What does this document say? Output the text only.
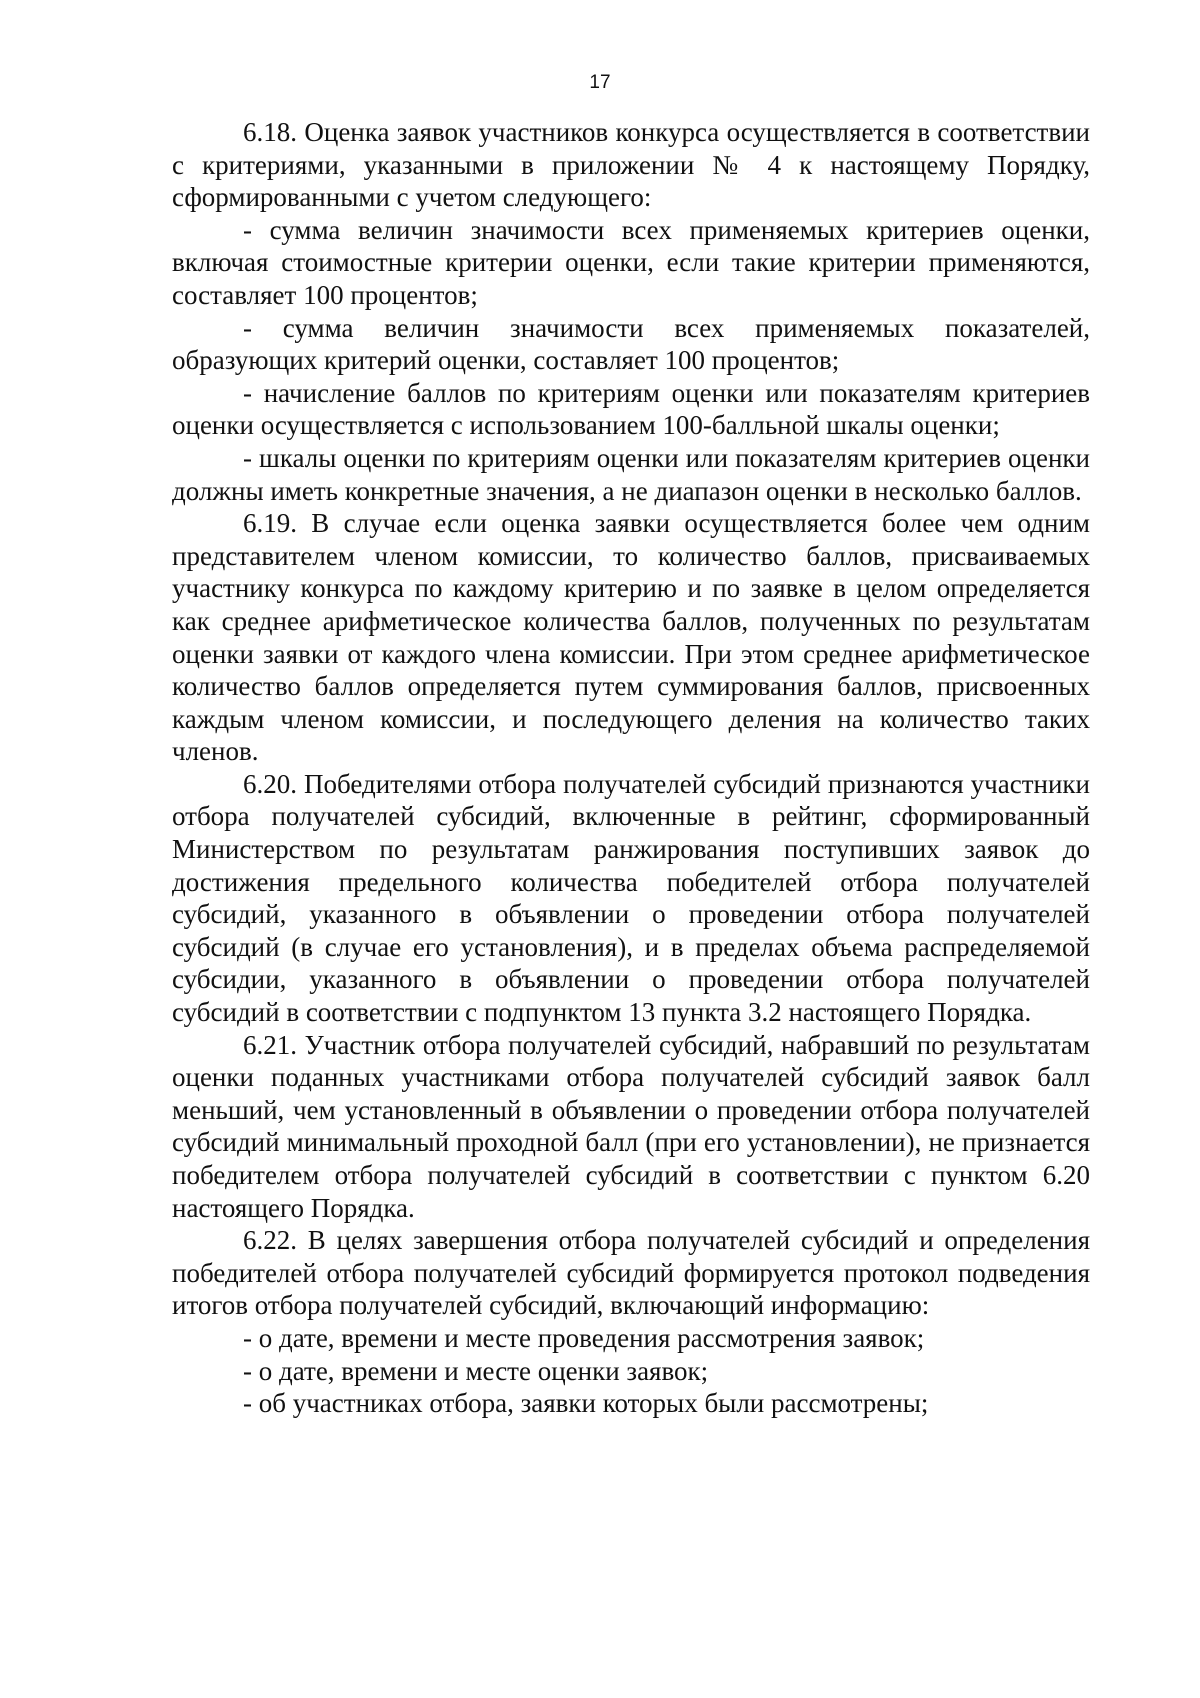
17

6.18. Оценка заявок участников конкурса осуществляется в соответствии с критериями, указанными в приложении № 4 к настоящему Порядку, сформированными с учетом следующего:

- сумма величин значимости всех применяемых критериев оценки, включая стоимостные критерии оценки, если такие критерии применяются, составляет 100 процентов;

- сумма величин значимости всех применяемых показателей, образующих критерий оценки, составляет 100 процентов;

- начисление баллов по критериям оценки или показателям критериев оценки осуществляется с использованием 100-балльной шкалы оценки;

- шкалы оценки по критериям оценки или показателям критериев оценки должны иметь конкретные значения, а не диапазон оценки в несколько баллов.

6.19. В случае если оценка заявки осуществляется более чем одним представителем членом комиссии, то количество баллов, присваиваемых участнику конкурса по каждому критерию и по заявке в целом определяется как среднее арифметическое количества баллов, полученных по результатам оценки заявки от каждого члена комиссии. При этом среднее арифметическое количество баллов определяется путем суммирования баллов, присвоенных каждым членом комиссии, и последующего деления на количество таких членов.

6.20. Победителями отбора получателей субсидий признаются участники отбора получателей субсидий, включенные в рейтинг, сформированный Министерством по результатам ранжирования поступивших заявок до достижения предельного количества победителей отбора получателей субсидий, указанного в объявлении о проведении отбора получателей субсидий (в случае его установления), и в пределах объема распределяемой субсидии, указанного в объявлении о проведении отбора получателей субсидий в соответствии с подпунктом 13 пункта 3.2 настоящего Порядка.

6.21. Участник отбора получателей субсидий, набравший по результатам оценки поданных участниками отбора получателей субсидий заявок балл меньший, чем установленный в объявлении о проведении отбора получателей субсидий минимальный проходной балл (при его установлении), не признается победителем отбора получателей субсидий в соответствии с пунктом 6.20 настоящего Порядка.

6.22. В целях завершения отбора получателей субсидий и определения победителей отбора получателей субсидий формируется протокол подведения итогов отбора получателей субсидий, включающий информацию:

- о дате, времени и месте проведения рассмотрения заявок;

- о дате, времени и месте оценки заявок;

- об участниках отбора, заявки которых были рассмотрены;
